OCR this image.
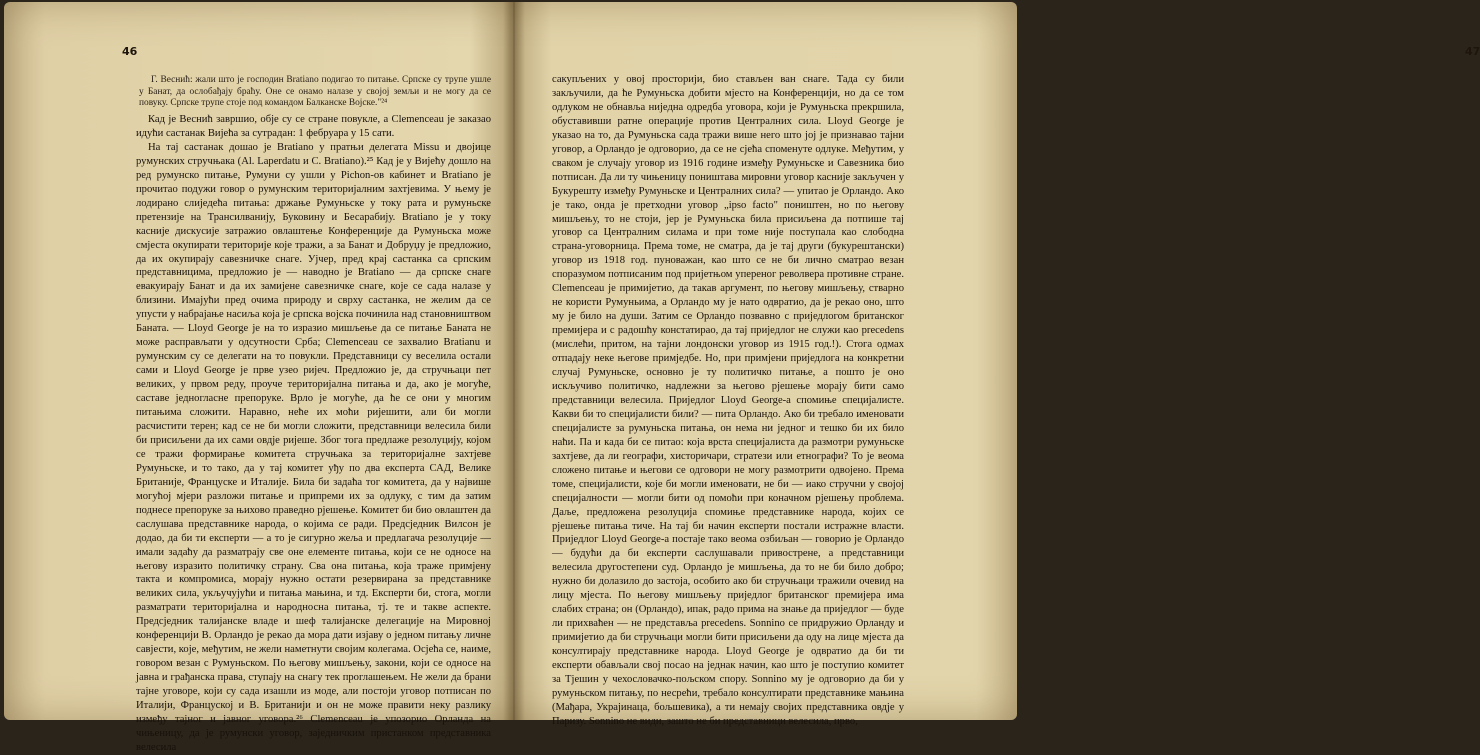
46

Г. Веснић: жали што је господин Bratiano подигао то питање. Српске су трупе ушле у Банат, да ослобађају браћу. Оне се онамо налазе у својој земљи и не могу да се повуку. Српске трупе стоје под командом Балканске Војске."²⁴

Кад је Веснић завршио, обје су се стране повукле, а Clemenceau је заказао идући састанак Вијећа за сутрадан: 1 фебруара у 15 сати.

На тај састанак дошао је Bratiano у пратњи делегата Missu и двојице румунских стручњака (Al. Laperdatu и C. Bratiano).²⁵ Кад је у Вијећу дошло на ред румунско питање, Румуни су ушли у Pichon-ов кабинет и Bratiano је прочитао подужи говор о румунским територијалним захтјевима. У њему је лодирано слиједећа питања: држање Румуньске у току рата и румуньске претензије на Трансилванију, Буковину и Бесарабију. Bratiano је у току каснијe дискусије затражио овлаштење Конференције да Румуньска може смјеста окупирати територије које тражи, а за Банат и Добруџу је предложио, да их окупирају савезничке снаге. Ујчер, пред крај састанка са српским представницима, предложио је — наводно је Bratiano — да српске снаге евакуирају Банат и да их замијене савезничке снаге, које се сада налазе у близини. Имајући пред очима природу и сврху састанка, не желим да се упусти у набрајање насиља која је српска војска починила над становништвом Баната. — Lloyd George је на то изразио мишљење да се питање Баната не може расправљати у одсутности Срба; Clemenceau се захвалио Bratianu и румунским су се делегати на то повукли. Представници су веселила остали сами и Lloyd George је прве узео ријеч. Предложио је, да стручњаци пет великих, у првом реду, проуче територијална питања и да, ако је могуће, саставе једноглаcне препоруке. Врло је могуће, да ће се они у многим питањима сложити. Наравно, неће их моћи ријешити, али би могли расчистити терен; кад се не би могли сложити, представници велесила били би присиљени да их сами овдје ријеше. Због тога предлаже резолуцију, којом се тражи формирање комитета стручњака за територијалне захтјеве Румуньске, и то тако, да у тај комитет уђу по два експерта САД, Велике Британије, Француске и Италије. Била би задаћа тог комитета, да у највише могућој мјери разложи питање и припреми их за одлуку, с тим да затим поднесе препоруке за њихово праведно рјешење. Комитет би био овлаштен да саслушава представнике народа, о којима се ради. Предсједник Вилсон је додао, да би ти експерти — а то је сигурно жеља и предлагача резолуције — имали задаћу да разматрају све оне елементе питања, који се не односе на његову изразито политичку страну. Сва она питања, која траже примјену такта и компромиса, морају нужно остати резервирана за представнике великих сила, укључујући и питања мањина, и тд. Експерти би, стога, могли разматрати територијална и народносна питања, тј. те и такве аспекте. Предсједник талијанске владе и шеф талијанске делегације на Мировној конференцији В. Орландо је рекао да мора дати изјаву о једном питању личне савјести, које, међутим, не жели наметнути својим колегама. Осјећа се, наиме, говором везан с Румуньском. По његову мишљењу, закони, који се односе на јавна и грађанска права, ступају на снагу тек проглашењем. Не жели да брани тајне уговоре, који су сада изашли из моде, али постоји уговор потписан по Италији, Француској и В. Британији и он не може правити неку разлику између тајног и јавног уговора.²⁶ Clemenceau је упозорио Орланда на чињеницу, да је румунски уговор, заједничким пристанком представника велесила

47

сакупљених у овој просторији, био стављен ван снаге. Тада су били закључили, да ће Румуньска добити мјесто на Конференцији, но да се том одлуком не обнавља ниједна одредба уговора, који је Румуньска прекршила, обуставивши ратне операције против Централних сила. Lloyd George је указао на то, да Румуньска сада тражи више него што јој је признавао тајни уговор, а Орландо је одговорио, да се не сјећа споменуте одлуке. Међутим, у сваком је случају уговор из 1916 године између Румуньске и Савезника био потписан. Да ли ту чињеницу поништава мировни уговор касније закључен у Букурешту између Румуньске и Централних сила? — упитао је Орландо. Ако је тако, онда је претходни уговор „ipso facto" поништен, но по његову мишљењу, то не стоји, јер је Румуньска била присиљена да потпише тај уговор са Централним силама и при томе није поступала као слободна страна-уговорница. Према томе, не сматра, да је тај други (букурештански) уговор из 1918 год. пуноважан, као што се не би лично сматрао везан споразумом потписаним под пријетњом уперeног револвера противне стране. Clemenceau је примијетио, да такав аргумент, по његову мишљењу, стварно не користи Румуньима, а Орландо му је нато одвратио, да је рекао оно, што му је било на души. Затим се Орландо позвавно с приједлогом британског премијера и с радошћу констатирао, да тај приједлог не служи као precedens (мислећи, притом, на тајни лондонски уговор из 1915 год.!). Стога одмах отпадају неке његове примједбе. Но, при примјени приједлога на конкретни случај Румуньске, основно је ту политичко питање, а пошто је оно искључиво политичко, надлежни за његово рјешење морају бити само представници велесила. Приједлог Lloyd George-а спомиње специјалисте. Какви би то специјалисти били? — пита Орландо. Ако би требало именовати специјалисте за румуньска питања, он нема ни једног и тешко би их било нaћи. Па и када би се питао: која врста специјалиста да размотри румуньске захтјеве, да ли географи, хисторичари, стратези или етнографи? То је веома сложено питање и његови се одговори не могу размотрити одвојено. Према томе, специјалисти, које би могли именовати, не би — иако стручни у својој специјалности — могли бити од помоћи при коначном рјешењу проблема. Даље, предложена резолуција спомиње представнике народа, којих се рјешење питања тиче. На тај би начин експерти постали истражне власти. Приједлог Lloyd George-а постаје тако веома озбиљан — говорио је Орландо — будући да би експерти саслушавали привостренe, а представници велесила другостепени суд. Орландо је мишљења, да то не би било добро; нужно би долазило до застоја, особито ако би стручњаци тражили очевид на лицу мјеста. По његову мишљењу приједлог британског премијера има слабих страна; он (Орландо), ипак, радо прима на знање да приједлог — буде ли прихваћен — не представља precedens. Sonnino се придружио Орланду и примијетио да би стручњаци могли бити присиљени да оду на лице мјеста да консултирају представнике народа. Lloyd George је одвратио да би ти експерти обављали свој посао на једнак начин, као што је поступио комитет за Тјешин у чехословачко-пољском спору. Sonnino му је одговорио да би у румуньском питању, по несрећи, требало консултирати представнике мањина (Мађара, Украјинаца, бољшевика), а ти немају својих представника овдје у Паризу. Sonnino не види, зашто не би представници велесила, прво,
